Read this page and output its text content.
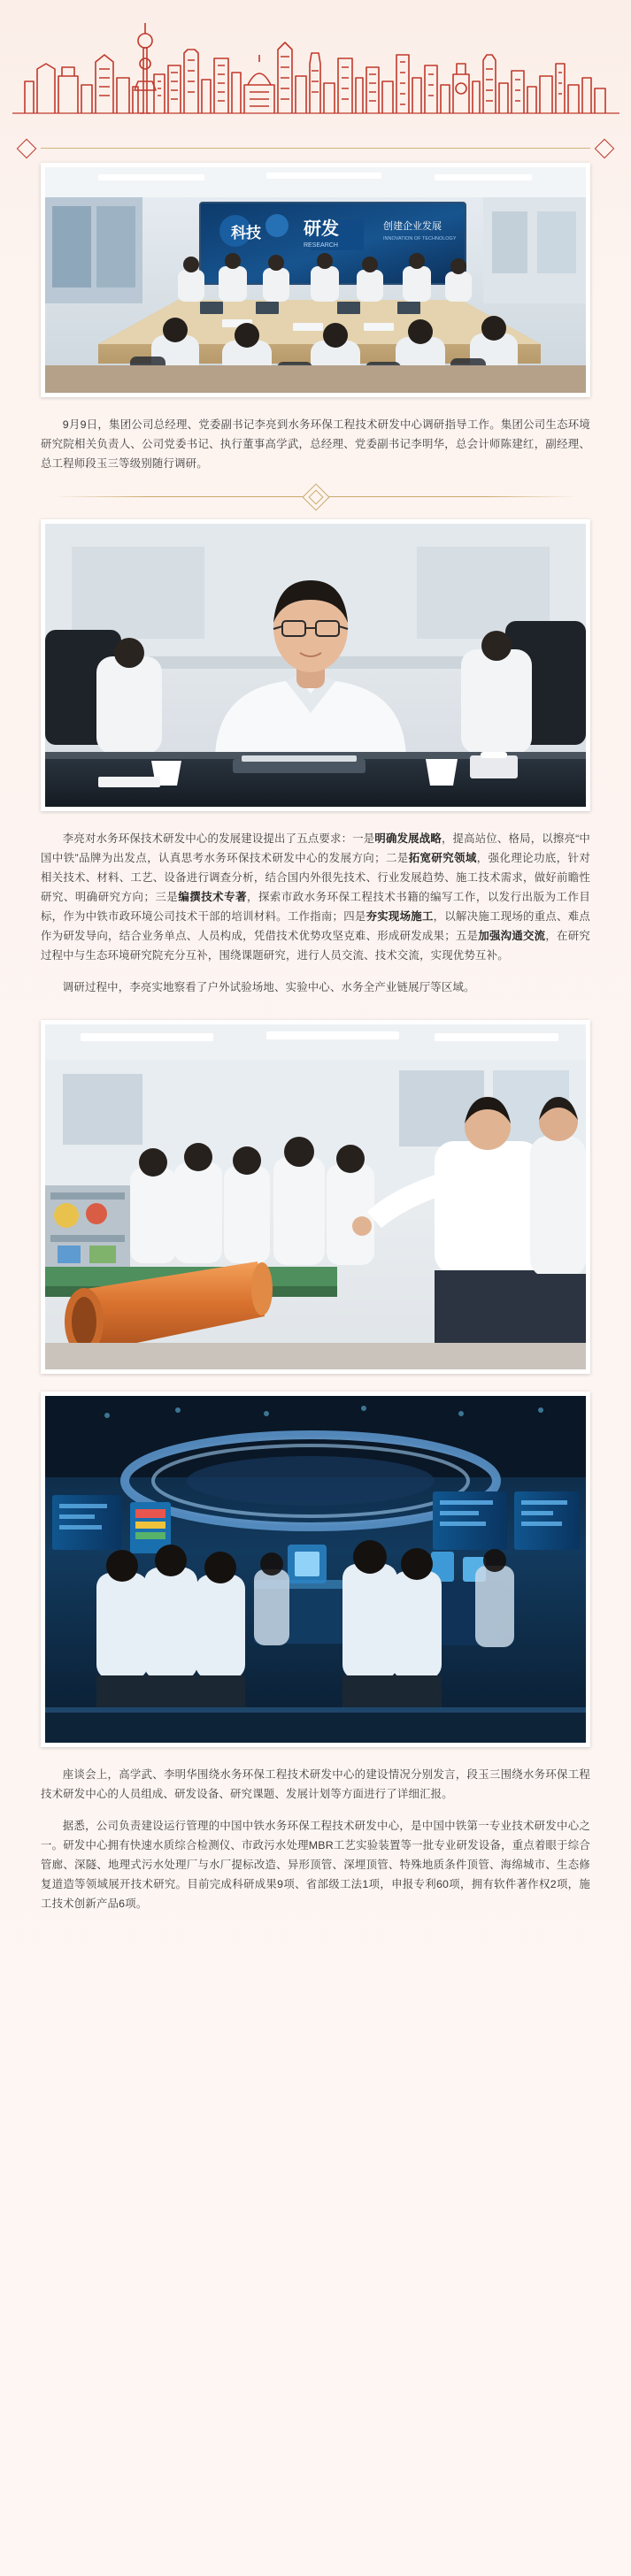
科技 研发
RESEARCH
创建企业发展
INNOVATION OF TECHNOLOGY

9月9日，集团公司总经理、党委副书记李亮到水务环保工程技术研发中心调研指导工作。集团公司生态环境研究院相关负责人、公司党委书记、执行董事高学武，总经理、党委副书记李明华，总会计师陈建红，副经理、总工程师段玉三等级别随行调研。

李亮对水务环保技术研发中心的发展建设提出了五点要求：一是明确发展战略，提高站位、格局，以擦亮“中国中铁”品牌为出发点，认真思考水务环保技术研发中心的发展方向；二是拓宽研究领域，强化理论功底，针对相关技术、材料、工艺、设备进行调查分析，结合国内外很先技术、行业发展趋势、施工技术需求，做好前瞻性研究、明确研究方向；三是编撰技术专著，探索市政水务环保工程技术书籍的编写工作，以发行出版为工作目标，作为中铁市政环境公司技术干部的培训材料。工作指南；四是夯实现场施工，以解决施工现场的重点、难点作为研发导向，结合业务单点、人员构成，凭借技术优势攻坚克难、形成研发成果；五是加强沟通交流，在研究过程中与生态环境研究院充分互补，围绕课题研究，进行人员交流、技术交流，实现优势互补。

调研过程中，李亮实地察看了户外试验场地、实验中心、水务全产业链展厅等区域。

座谈会上，高学武、李明华围绕水务环保工程技术研发中心的建设情况分别发言，段玉三围绕水务环保工程技术研发中心的人员组成、研发设备、研究课题、发展计划等方面进行了详细汇报。

据悉，公司负责建设运行管理的中国中铁水务环保工程技术研发中心，是中国中铁第一专业技术研发中心之一。研发中心拥有快速水质综合检测仪、市政污水处理MBR工艺实验装置等一批专业研发设备，重点着眼于综合管廊、深隧、地理式污水处理厂与水厂提标改造、异形顶管、深埋顶管、特殊地质条件顶管、海绵城市、生态修复道造等领域展开技术研究。目前完成科研成果9项、省部级工法1项，申报专利60项，拥有软件著作权2项，施工技术创新产品6项。
